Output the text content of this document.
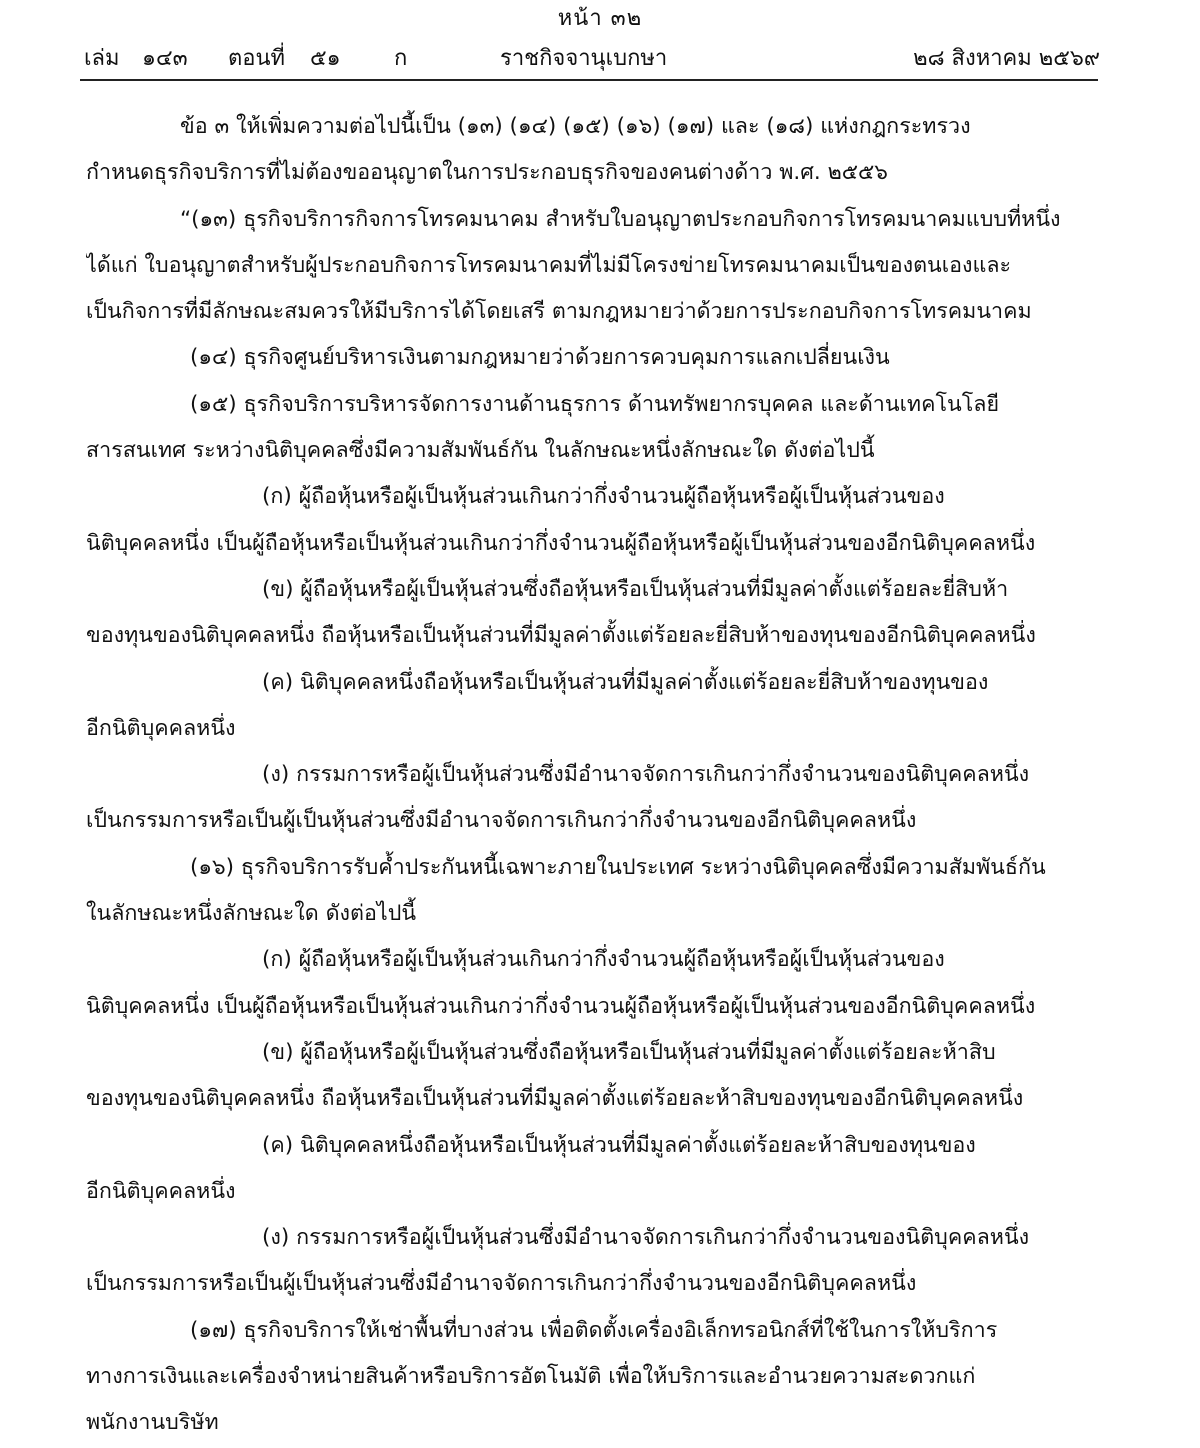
หน้า ๓๒
เล่ม ๑๔๓ ตอนที่ ๕๑ ก	ราชกิจจานุเบกษา	๒๘ สิงหาคม ๒๕๖๙
ข้อ ๓ ให้เพิ่มความต่อไปนี้เป็น (๑๓) (๑๔) (๑๕) (๑๖) (๑๗) และ (๑๘) แห่งกฎกระทรวง
กำหนดธุรกิจบริการที่ไม่ต้องขออนุญาตในการประกอบธุรกิจของคนต่างด้าว พ.ศ. ๒๕๕๖
“(๑๓) ธุรกิจบริการกิจการโทรคมนาคม สำหรับใบอนุญาตประกอบกิจการโทรคมนาคมแบบที่หนึ่ง
ได้แก่ ใบอนุญาตสำหรับผู้ประกอบกิจการโทรคมนาคมที่ไม่มีโครงข่ายโทรคมนาคมเป็นของตนเองและ
เป็นกิจการที่มีลักษณะสมควรให้มีบริการได้โดยเสรี ตามกฎหมายว่าด้วยการประกอบกิจการโทรคมนาคม
(๑๔) ธุรกิจศูนย์บริหารเงินตามกฎหมายว่าด้วยการควบคุมการแลกเปลี่ยนเงิน
(๑๕) ธุรกิจบริการบริหารจัดการงานด้านธุรการ ด้านทรัพยากรบุคคล และด้านเทคโนโลยี
สารสนเทศ ระหว่างนิติบุคคลซึ่งมีความสัมพันธ์กัน ในลักษณะหนึ่งลักษณะใด ดังต่อไปนี้
(ก) ผู้ถือหุ้นหรือผู้เป็นหุ้นส่วนเกินกว่ากึ่งจำนวนผู้ถือหุ้นหรือผู้เป็นหุ้นส่วนของ
นิติบุคคลหนึ่ง เป็นผู้ถือหุ้นหรือเป็นหุ้นส่วนเกินกว่ากึ่งจำนวนผู้ถือหุ้นหรือผู้เป็นหุ้นส่วนของอีกนิติบุคคลหนึ่ง
(ข) ผู้ถือหุ้นหรือผู้เป็นหุ้นส่วนซึ่งถือหุ้นหรือเป็นหุ้นส่วนที่มีมูลค่าตั้งแต่ร้อยละยี่สิบห้า
ของทุนของนิติบุคคลหนึ่ง ถือหุ้นหรือเป็นหุ้นส่วนที่มีมูลค่าตั้งแต่ร้อยละยี่สิบห้าของทุนของอีกนิติบุคคลหนึ่ง
(ค) นิติบุคคลหนึ่งถือหุ้นหรือเป็นหุ้นส่วนที่มีมูลค่าตั้งแต่ร้อยละยี่สิบห้าของทุนของ
อีกนิติบุคคลหนึ่ง
(ง) กรรมการหรือผู้เป็นหุ้นส่วนซึ่งมีอำนาจจัดการเกินกว่ากึ่งจำนวนของนิติบุคคลหนึ่ง
เป็นกรรมการหรือเป็นผู้เป็นหุ้นส่วนซึ่งมีอำนาจจัดการเกินกว่ากึ่งจำนวนของอีกนิติบุคคลหนึ่ง
(๑๖) ธุรกิจบริการรับค้ำประกันหนี้เฉพาะภายในประเทศ ระหว่างนิติบุคคลซึ่งมีความสัมพันธ์กัน
ในลักษณะหนึ่งลักษณะใด ดังต่อไปนี้
(ก) ผู้ถือหุ้นหรือผู้เป็นหุ้นส่วนเกินกว่ากึ่งจำนวนผู้ถือหุ้นหรือผู้เป็นหุ้นส่วนของ
นิติบุคคลหนึ่ง เป็นผู้ถือหุ้นหรือเป็นหุ้นส่วนเกินกว่ากึ่งจำนวนผู้ถือหุ้นหรือผู้เป็นหุ้นส่วนของอีกนิติบุคคลหนึ่ง
(ข) ผู้ถือหุ้นหรือผู้เป็นหุ้นส่วนซึ่งถือหุ้นหรือเป็นหุ้นส่วนที่มีมูลค่าตั้งแต่ร้อยละห้าสิบ
ของทุนของนิติบุคคลหนึ่ง ถือหุ้นหรือเป็นหุ้นส่วนที่มีมูลค่าตั้งแต่ร้อยละห้าสิบของทุนของอีกนิติบุคคลหนึ่ง
(ค) นิติบุคคลหนึ่งถือหุ้นหรือเป็นหุ้นส่วนที่มีมูลค่าตั้งแต่ร้อยละห้าสิบของทุนของ
อีกนิติบุคคลหนึ่ง
(ง) กรรมการหรือผู้เป็นหุ้นส่วนซึ่งมีอำนาจจัดการเกินกว่ากึ่งจำนวนของนิติบุคคลหนึ่ง
เป็นกรรมการหรือเป็นผู้เป็นหุ้นส่วนซึ่งมีอำนาจจัดการเกินกว่ากึ่งจำนวนของอีกนิติบุคคลหนึ่ง
(๑๗) ธุรกิจบริการให้เช่าพื้นที่บางส่วน เพื่อติดตั้งเครื่องอิเล็กทรอนิกส์ที่ใช้ในการให้บริการ
ทางการเงินและเครื่องจำหน่ายสินค้าหรือบริการอัตโนมัติ เพื่อให้บริการและอำนวยความสะดวกแก่
พนักงานบริษัท
